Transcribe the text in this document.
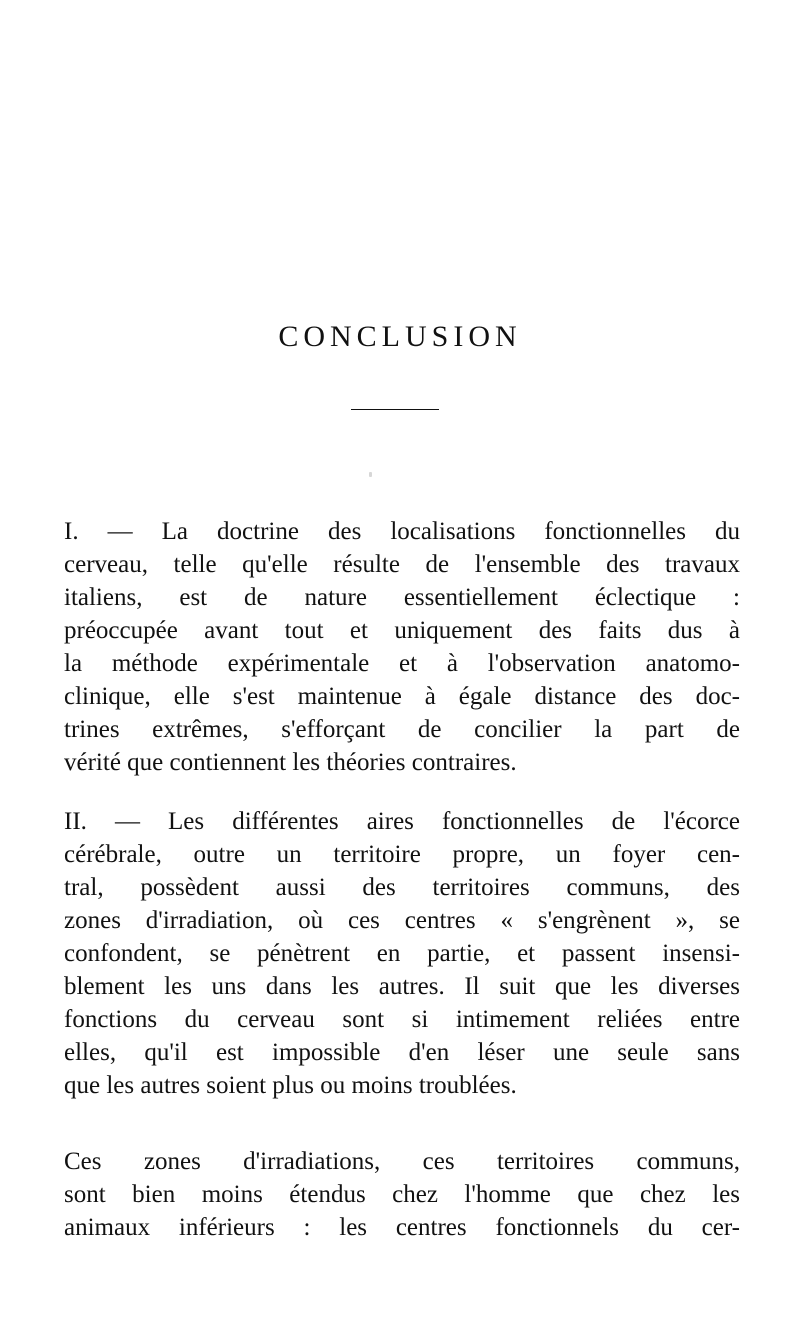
CONCLUSION
I. — La doctrine des localisations fonctionnelles du
cerveau, telle qu'elle résulte de l'ensemble des travaux
italiens, est de nature essentiellement éclectique :
préoccupée avant tout et uniquement des faits dus à
la méthode expérimentale et à l'observation anatomo-
clinique, elle s'est maintenue à égale distance des doc-
trines extrêmes, s'efforçant de concilier la part de
vérité que contiennent les théories contraires.
II. — Les différentes aires fonctionnelles de l'écorce
cérébrale, outre un territoire propre, un foyer cen-
tral, possèdent aussi des territoires communs, des
zones d'irradiation, où ces centres « s'engrènent », se
confondent, se pénètrent en partie, et passent insensi-
blement les uns dans les autres. Il suit que les diverses
fonctions du cerveau sont si intimement reliées entre
elles, qu'il est impossible d'en léser une seule sans
que les autres soient plus ou moins troublées.
Ces zones d'irradiations, ces territoires communs,
sont bien moins étendus chez l'homme que chez les
animaux inférieurs : les centres fonctionnels du cer-
